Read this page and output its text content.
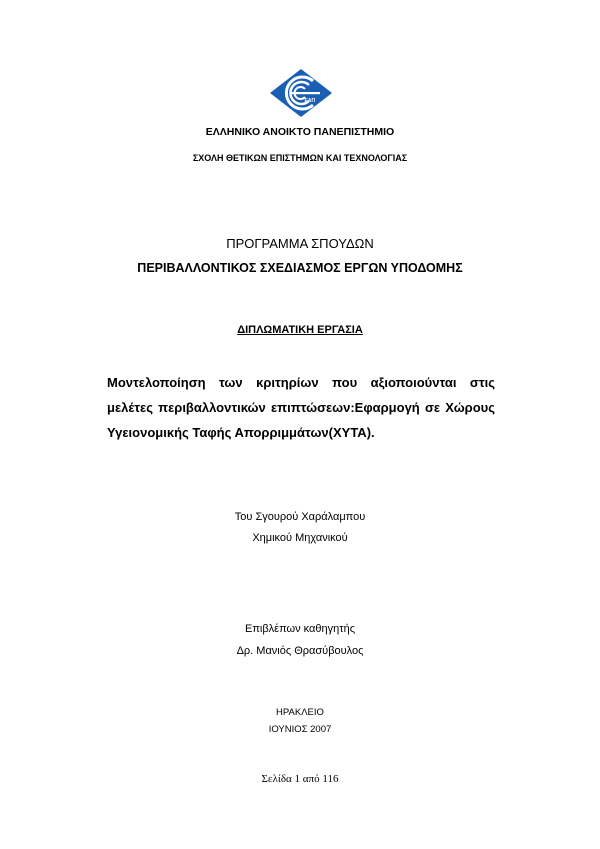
ΕΑΠ
ΕΛΛΗΝΙΚΟ ΑΝΟΙΚΤΟ ΠΑΝΕΠΙΣΤΗΜΙΟ
ΣΧΟΛΗ ΘΕΤΙΚΩΝ ΕΠΙΣΤΗΜΩΝ ΚΑΙ ΤΕΧΝΟΛΟΓΙΑΣ
ΠΡΟΓΡΑΜΜΑ ΣΠΟΥΔΩΝ
ΠΕΡΙΒΑΛΛΟΝΤΙΚΟΣ ΣΧΕΔΙΑΣΜΟΣ ΕΡΓΩΝ ΥΠΟΔΟΜΗΣ
ΔΙΠΛΩΜΑΤΙΚΗ ΕΡΓΑΣΙΑ
Μοντελοποίηση των κριτηρίων που αξιοποιούνται στις μελέτες περιβαλλοντικών επιπτώσεων:Εφαρμογή σε Χώρους Υγειονομικής Ταφής Απορριμμάτων(ΧΥΤΑ).
Του Σγουρού Χαράλαμπου
Χημικού Μηχανικού
Επιβλέπων καθηγητής
Δρ. Μανιός Θρασύβουλος
ΗΡΑΚΛΕΙΟ
ΙΟΥΝΙΟΣ 2007
Σελίδα 1 από 116
